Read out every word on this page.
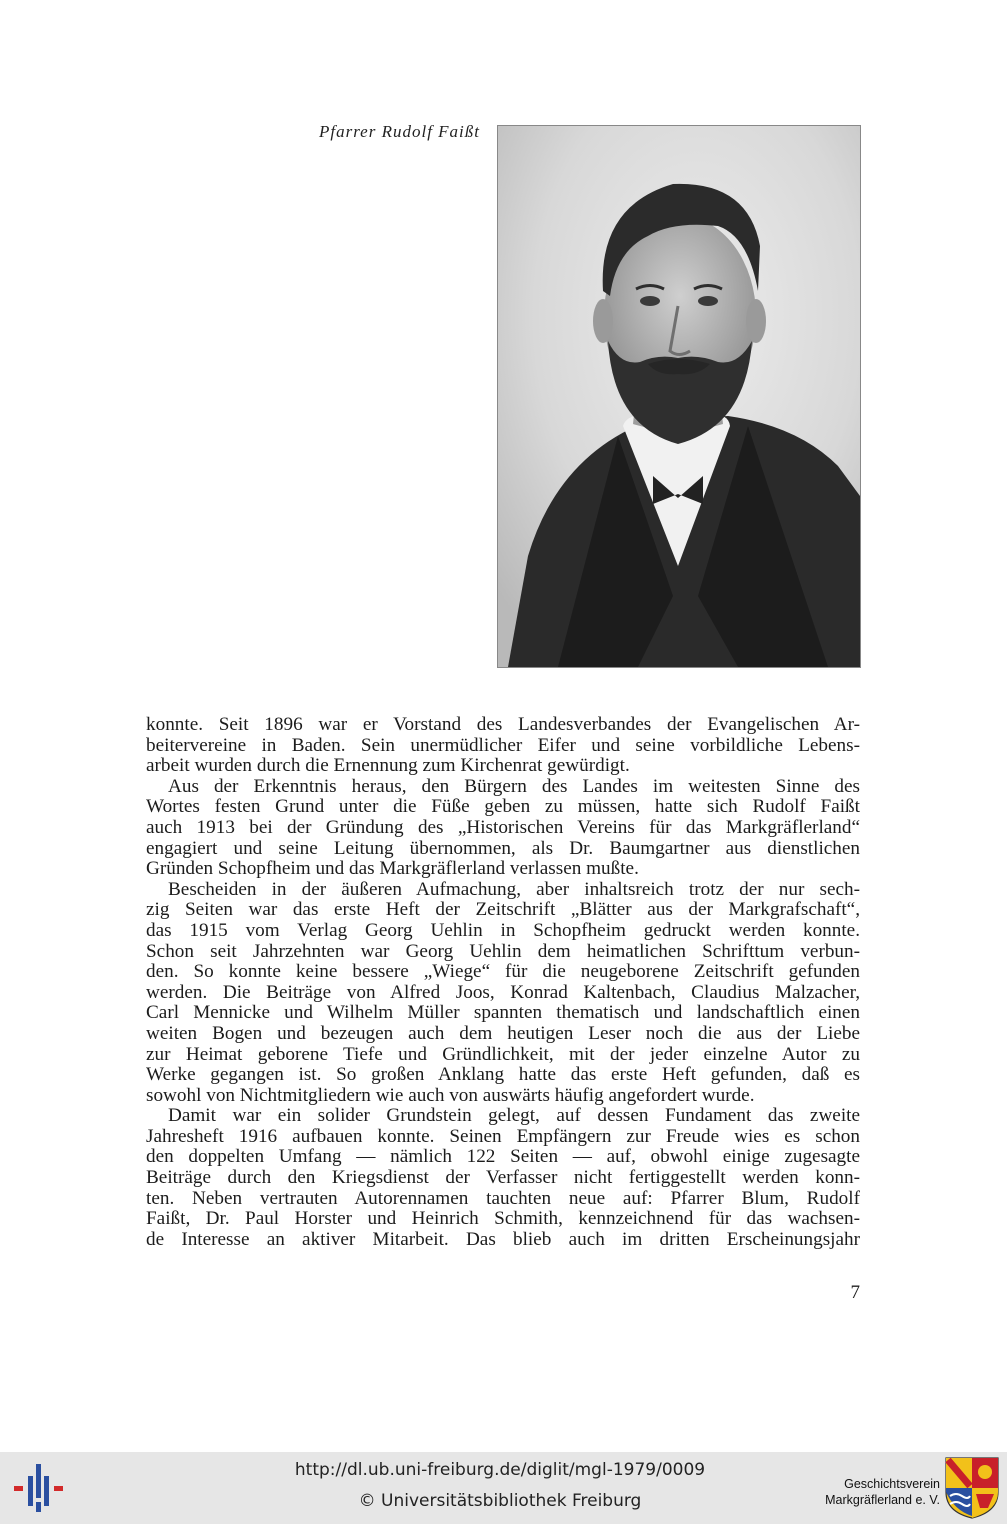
Pfarrer Rudolf Faißt
konnte. Seit 1896 war er Vorstand des Landesverbandes der Evangelischen Ar-
beitervereine in Baden. Sein unermüdlicher Eifer und seine vorbildliche Lebens-
arbeit wurden durch die Ernennung zum Kirchenrat gewürdigt.
Aus der Erkenntnis heraus, den Bürgern des Landes im weitesten Sinne des
Wortes festen Grund unter die Füße geben zu müssen, hatte sich Rudolf Faißt
auch 1913 bei der Gründung des „Historischen Vereins für das Markgräflerland“
engagiert und seine Leitung übernommen, als Dr. Baumgartner aus dienstlichen
Gründen Schopfheim und das Markgräflerland verlassen mußte.
Bescheiden in der äußeren Aufmachung, aber inhaltsreich trotz der nur sech-
zig Seiten war das erste Heft der Zeitschrift „Blätter aus der Markgrafschaft“,
das 1915 vom Verlag Georg Uehlin in Schopfheim gedruckt werden konnte.
Schon seit Jahrzehnten war Georg Uehlin dem heimatlichen Schrifttum verbun-
den. So konnte keine bessere „Wiege“ für die neugeborene Zeitschrift gefunden
werden. Die Beiträge von Alfred Joos, Konrad Kaltenbach, Claudius Malzacher,
Carl Mennicke und Wilhelm Müller spannten thematisch und landschaftlich einen
weiten Bogen und bezeugen auch dem heutigen Leser noch die aus der Liebe
zur Heimat geborene Tiefe und Gründlichkeit, mit der jeder einzelne Autor zu
Werke gegangen ist. So großen Anklang hatte das erste Heft gefunden, daß es
sowohl von Nichtmitgliedern wie auch von auswärts häufig angefordert wurde.
Damit war ein solider Grundstein gelegt, auf dessen Fundament das zweite
Jahresheft 1916 aufbauen konnte. Seinen Empfängern zur Freude wies es schon
den doppelten Umfang — nämlich 122 Seiten — auf, obwohl einige zugesagte
Beiträge durch den Kriegsdienst der Verfasser nicht fertiggestellt werden konn-
ten. Neben vertrauten Autorennamen tauchten neue auf: Pfarrer Blum, Rudolf
Faißt, Dr. Paul Horster und Heinrich Schmith, kennzeichnend für das wachsen-
de Interesse an aktiver Mitarbeit. Das blieb auch im dritten Erscheinungsjahr
7
http://dl.ub.uni-freiburg.de/diglit/mgl-1979/0009
© Universitätsbibliothek Freiburg
Geschichtsverein
Markgräflerland e. V.
